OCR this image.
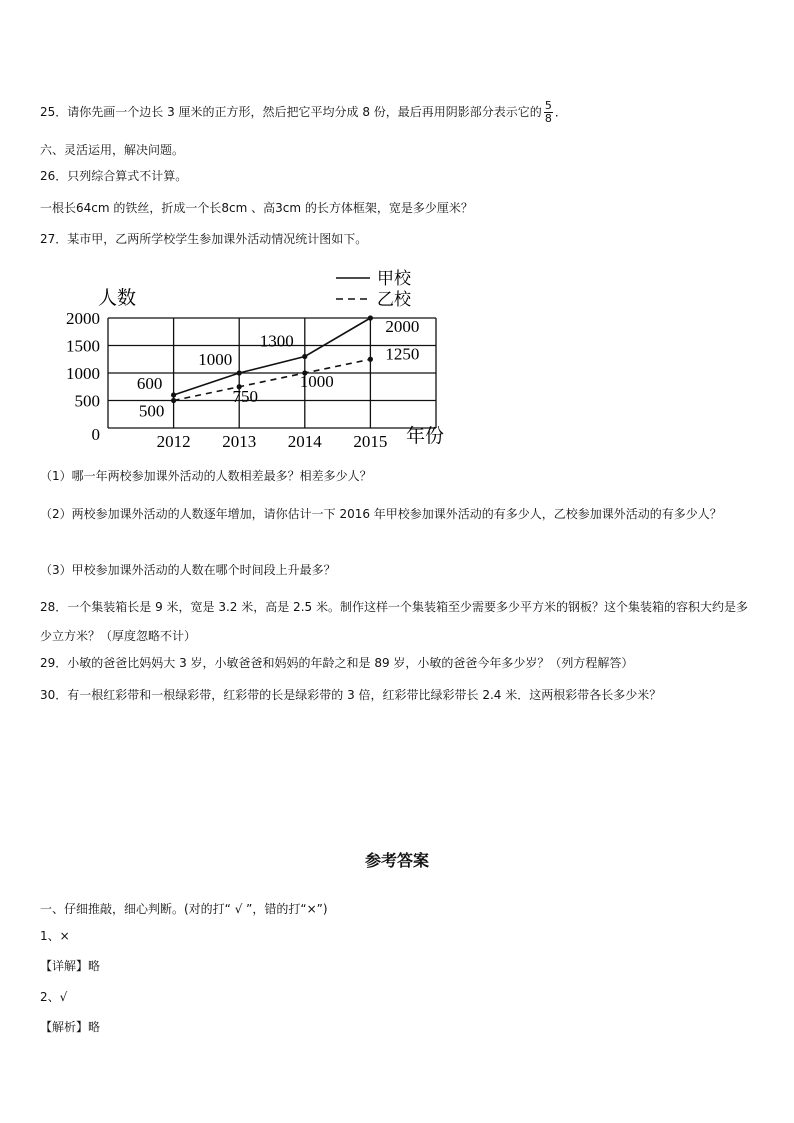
25．请你先画一个边长 3 厘米的正方形，然后把它平均分成 8 份，最后再用阴影部分表示它的 $\frac{5}{8}$ ．
六、灵活运用，解决问题。
26．只列综合算式不计算。
一根长64cm 的铁丝，折成一个长8cm 、高3cm 的长方体框架，宽是多少厘米？
27．某市甲，乙两所学校学生参加课外活动情况统计图如下。
0
500
1000
1500
2000
2012 2013 2014 2015
人数
年份
甲校
乙校
600
1000
1300
2000
500
750
1000
1250
（1）哪一年两校参加课外活动的人数相差最多？相差多少人？
（2）两校参加课外活动的人数逐年增加，请你估计一下 2016 年甲校参加课外活动的有多少人，乙校参加课外活动的有多少人？
（3）甲校参加课外活动的人数在哪个时间段上升最多？
28．一个集装箱长是 9 米，宽是 3.2 米，高是 2.5 米。制作这样一个集装箱至少需要多少平方米的钢板？这个集装箱的容积大约是多少立方米？（厚度忽略不计）
29．小敏的爸爸比妈妈大 3 岁，小敏爸爸和妈妈的年龄之和是 89 岁，小敏的爸爸今年多少岁？（列方程解答）
30．有一根红彩带和一根绿彩带，红彩带的长是绿彩带的 3 倍，红彩带比绿彩带长 2.4 米．这两根彩带各长多少米？
参考答案
一、仔细推敲，细心判断。(对的打“ √ ”，错的打“×”)
1、×
【详解】略
2、√
【解析】略
